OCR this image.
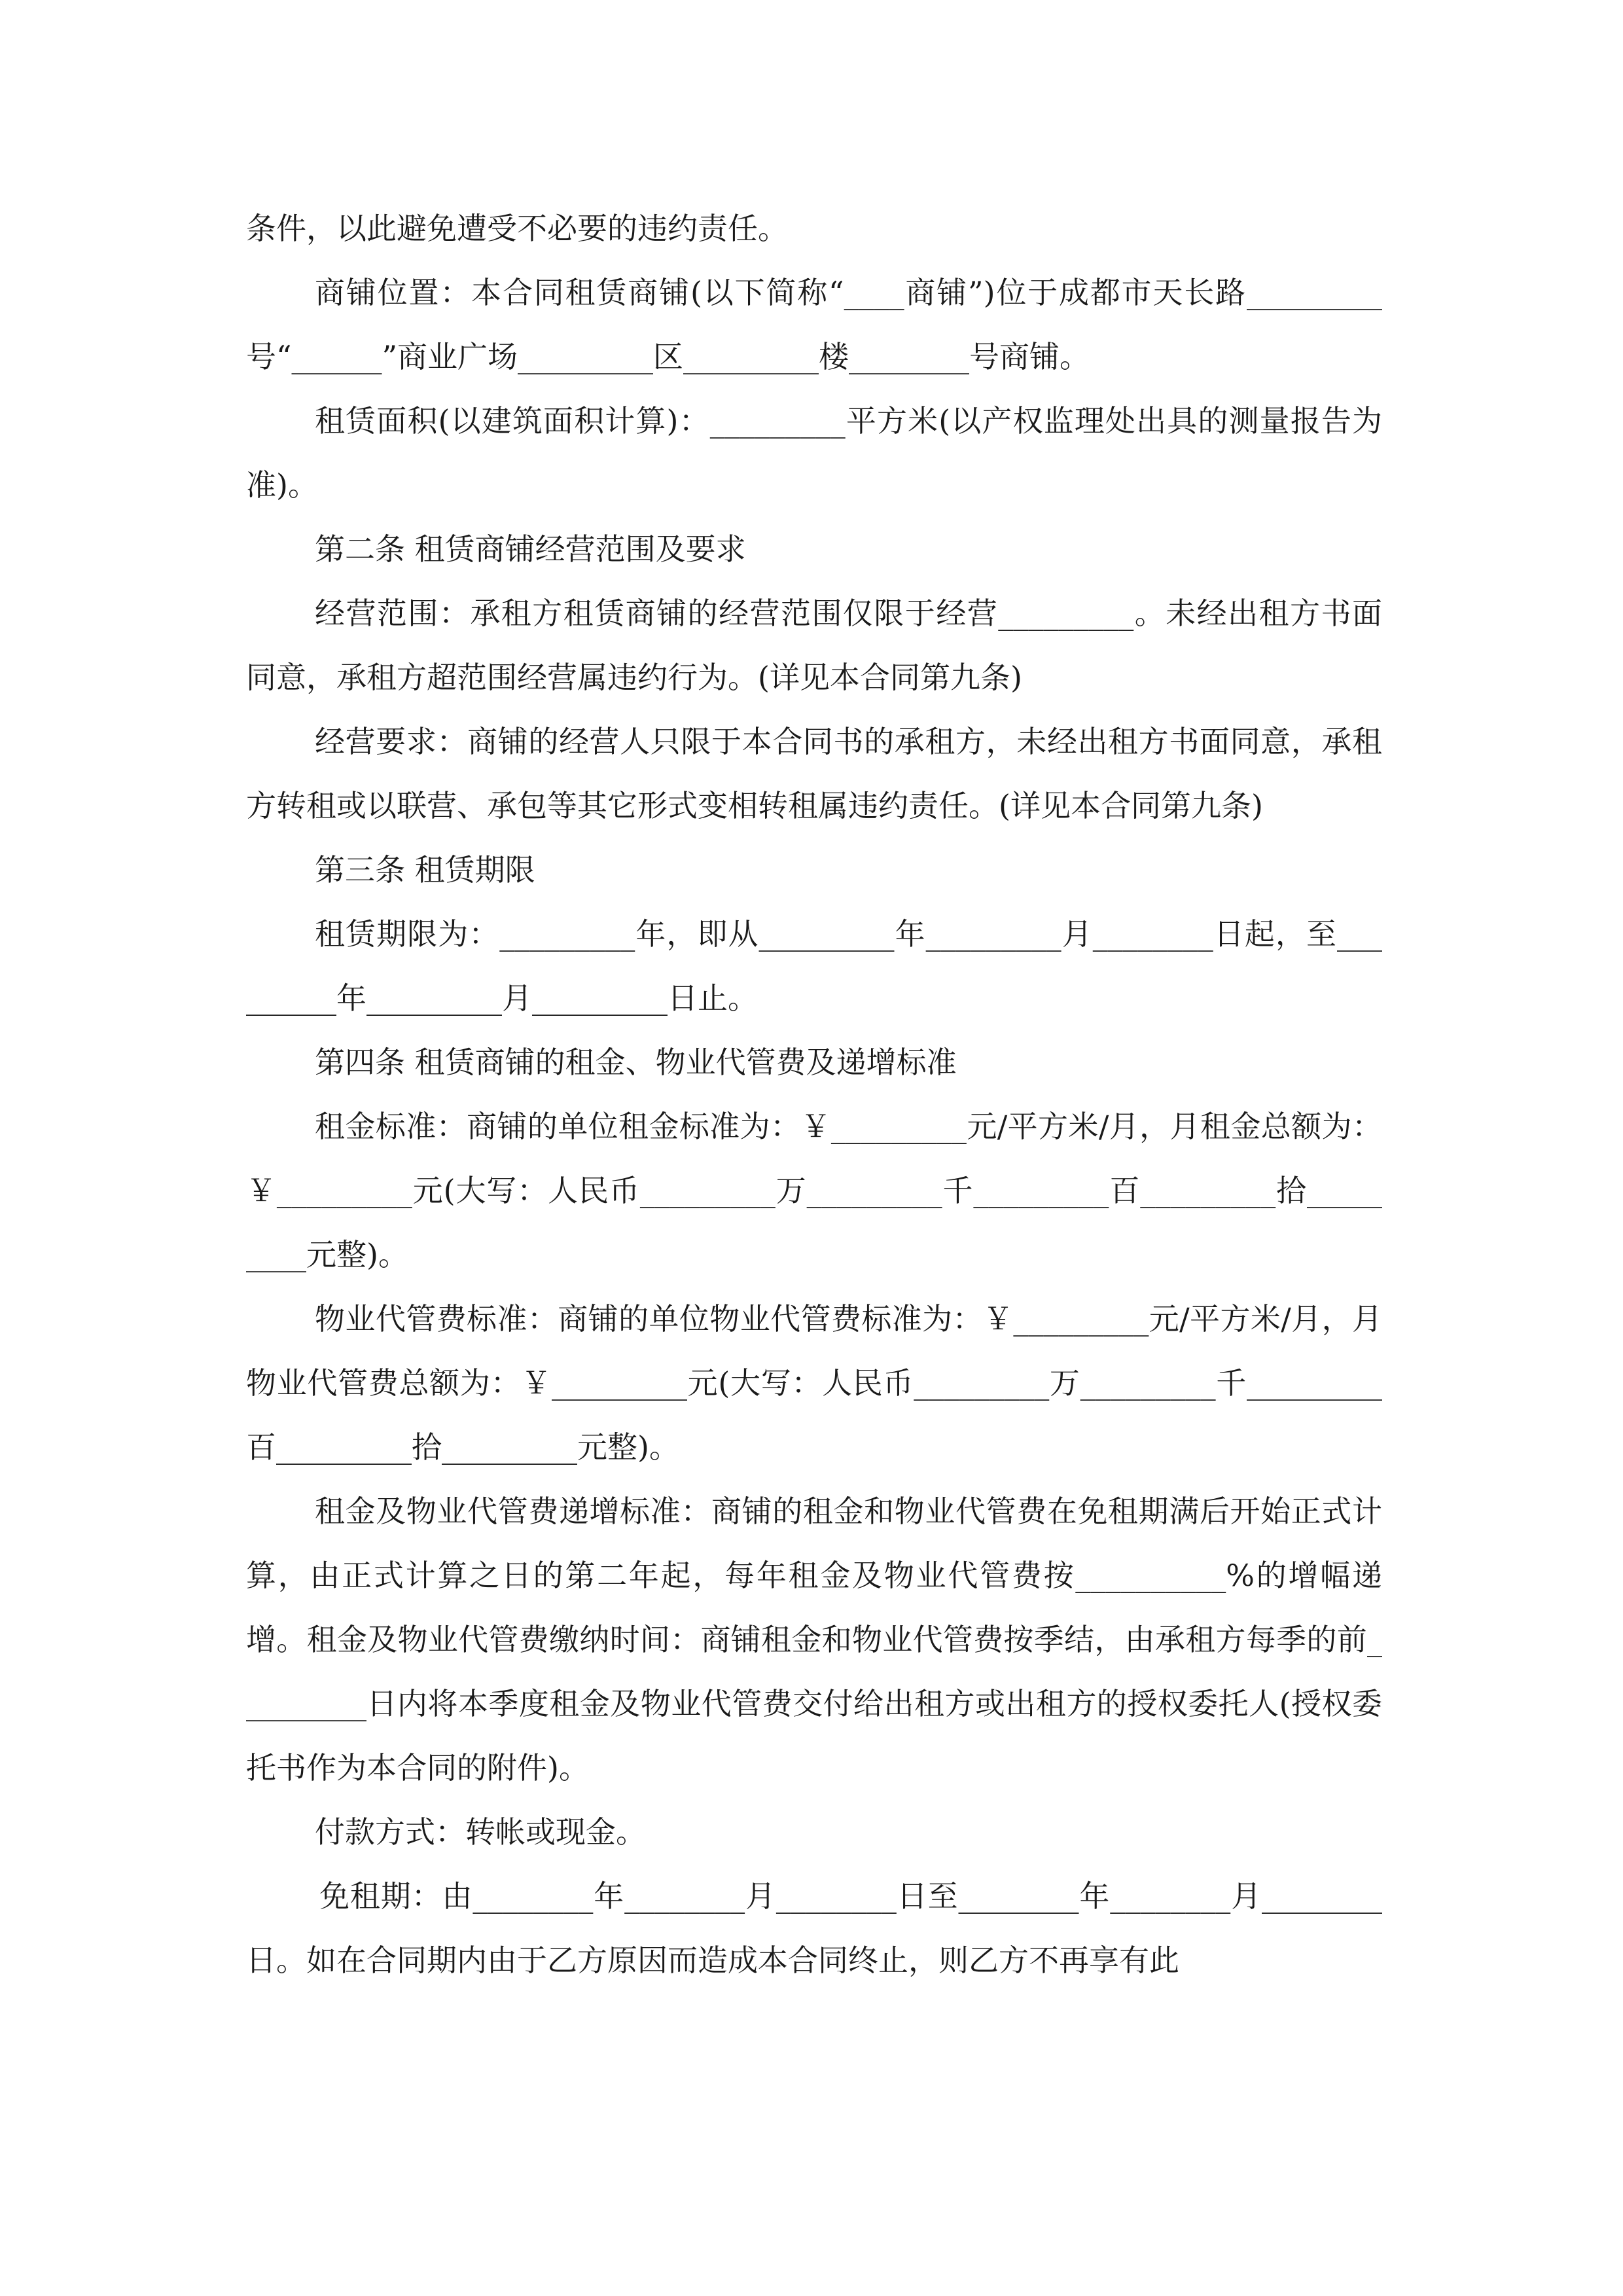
条件，以此避免遭受不必要的违约责任。

商铺位置：本合同租赁商铺(以下简称“____商铺”)位于成都市天长路_________号“______”商业广场_________区_________楼________号商铺。

租赁面积(以建筑面积计算)：_________平方米(以产权监理处出具的测量报告为准)。

第二条 租赁商铺经营范围及要求

经营范围：承租方租赁商铺的经营范围仅限于经营_________。未经出租方书面同意，承租方超范围经营属违约行为。(详见本合同第九条)

经营要求：商铺的经营人只限于本合同书的承租方，未经出租方书面同意，承租方转租或以联营、承包等其它形式变相转租属违约责任。(详见本合同第九条)

第三条 租赁期限

租赁期限为：_________年，即从_________年_________月________日起，至_________年_________月_________日止。

第四条 租赁商铺的租金、物业代管费及递增标准

租金标准：商铺的单位租金标准为：￥_________元/平方米/月，月租金总额为：￥_________元(大写：人民币_________万_________千_________百_________拾_________元整)。

物业代管费标准：商铺的单位物业代管费标准为：￥_________元/平方米/月，月物业代管费总额为：￥_________元(大写：人民币_________万_________千_________百_________拾_________元整)。

租金及物业代管费递增标准：商铺的租金和物业代管费在免租期满后开始正式计算，由正式计算之日的第二年起，每年租金及物业代管费按__________%的增幅递增。租金及物业代管费缴纳时间：商铺租金和物业代管费按季结，由承租方每季的前_________日内将本季度租金及物业代管费交付给出租方或出租方的授权委托人(授权委托书作为本合同的附件)。

付款方式：转帐或现金。

免租期：由________年________月________日至________年________月________日。如在合同期内由于乙方原因而造成本合同终止，则乙方不再享有此
